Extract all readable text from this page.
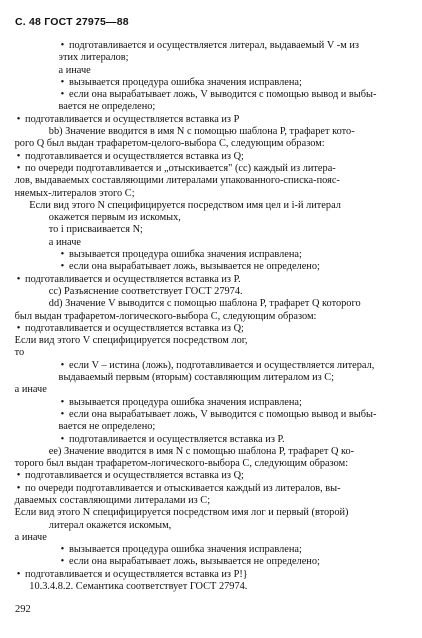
С. 48 ГОСТ 27975—88
• подготавливается и осуществляется литерал, выдаваемый V -м из
этих литералов;
а иначе
• вызывается процедура ошибка значения исправлена;
• если она вырабатывает ложь, V выводится с помощью вывод и выбы-
вается не определено;
• подготавливается и осуществляется вставка из Р
bb) Значение вводится в имя N с помощью шаблона Р, трафарет кото-
рого Q был выдан трафаретом-целого-выбора С, следующим образом:
• подготавливается и осуществляется вставка из Q;
• по очереди подготавливается и „отыскивается" (сс) каждый из литера-
лов, выдаваемых составляющими литералами упакованного-списка-пояс-
няемых-литералов этого С;
Если вид этого N специфицируется посредством имя цел и i-й литерал
окажется первым из искомых,
то i присваивается N;
а иначе
• вызывается процедура ошибка значения исправлена;
• если она вырабатывает ложь, вызывается не определено;
• подготавливается и осуществляется вставка из Р.
сс) Разъяснение соответствует ГОСТ 27974.
dd) Значение V выводится с помощью шаблона Р, трафарет Q которого
был выдан трафаретом-логического-выбора С, следующим образом:
• подготавливается и осуществляется вставка из Q;
Если вид этого V специфицируется посредством лог,
то
• если V – истина (ложь), подготавливается и осуществляется литерал,
выдаваемый первым (вторым) составляющим литералом из С;
а иначе
• вызывается процедура ошибка значения исправлена;
• если она вырабатывает ложь, V выводится с помощью вывод и выбы-
вается не определено;
• подготавливается и осуществляется вставка из Р.
ее) Значение вводится в имя N с помощью шаблона Р, трафарет Q ко-
торого был выдан трафаретом-логического-выбора С, следующим образом:
• подготавливается и осуществляется вставка из Q;
• по очереди подготавливается и отыскивается каждый из литералов, вы-
даваемых составляющими литералами из С;
Если вид этого N специфицируется посредством имя лог и первый (второй)
литерал окажется искомым,
а иначе
• вызывается процедура ошибка значения исправлена;
• если она вырабатывает ложь, вызывается не определено;
• подготавливается и осуществляется вставка из Р!}
10.3.4.8.2. Семантика соответствует ГОСТ 27974.
292
